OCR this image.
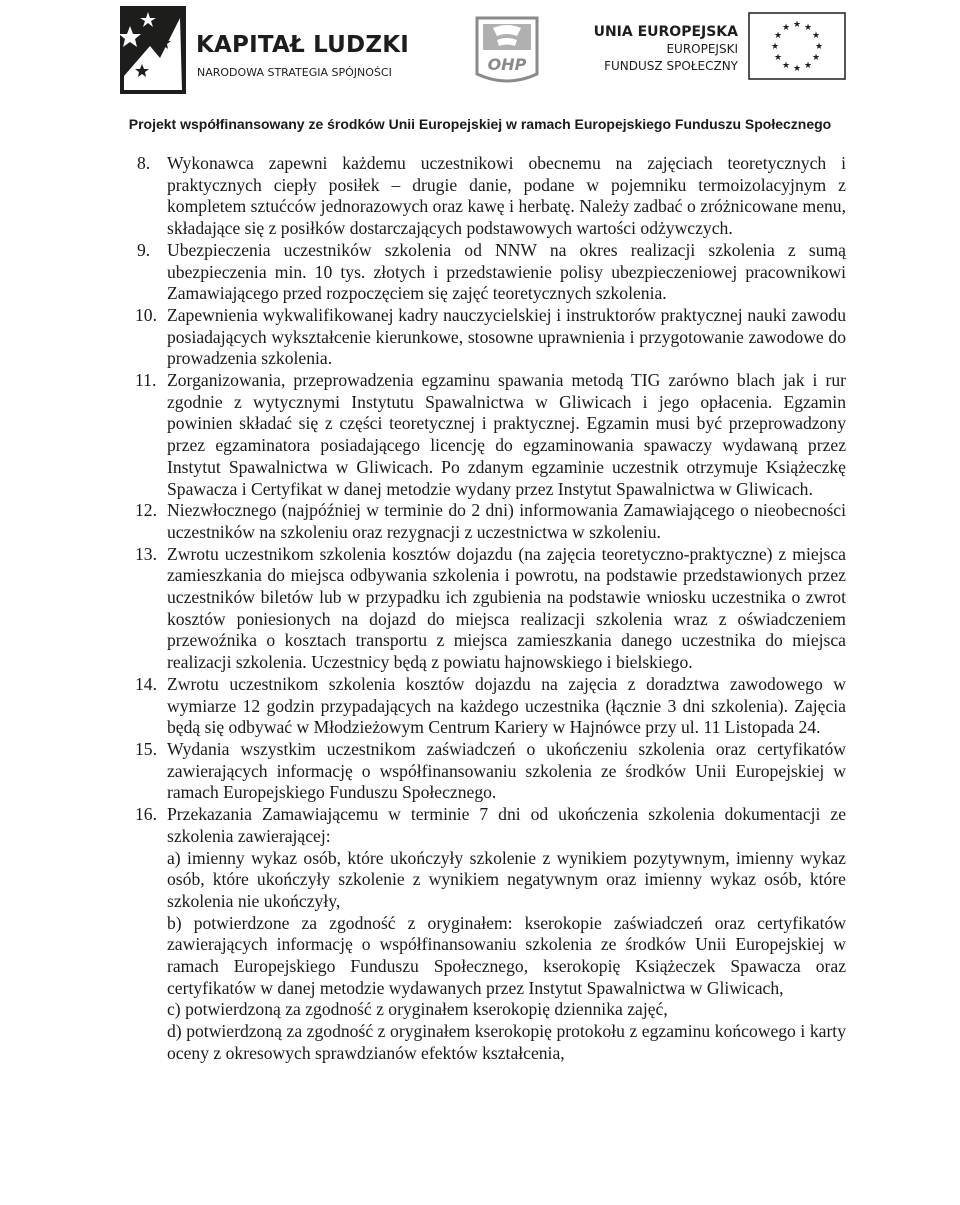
KAPITAŁ LUDZKI
NARODOWA STRATEGIA SPÓJNOŚCI	OHP
UNIA EUROPEJSKA
EUROPEJSKI
FUNDUSZ SPOŁECZNY
★ ★
★
★
★
★
★
★
★
★
★
★
Projekt współfinansowany ze środków Unii Europejskiej w ramach Europejskiego Funduszu Społecznego
8. Wykonawca zapewni każdemu uczestnikowi obecnemu na zajęciach teoretycznych i praktycznych ciepły posiłek – drugie danie, podane w pojemniku termoizolacyjnym z kompletem sztućców jednorazowych oraz kawę i herbatę. Należy zadbać o zróżnicowane menu, składające się z posiłków dostarczających podstawowych wartości odżywczych.

9. Ubezpieczenia uczestników szkolenia od NNW na okres realizacji szkolenia z sumą ubezpieczenia min. 10 tys. złotych i przedstawienie polisy ubezpieczeniowej pracownikowi Zamawiającego przed rozpoczęciem się zajęć teoretycznych szkolenia.

10. Zapewnienia wykwalifikowanej kadry nauczycielskiej i instruktorów praktycznej nauki zawodu posiadających wykształcenie kierunkowe, stosowne uprawnienia i przygotowanie zawodowe do prowadzenia szkolenia.

11. Zorganizowania, przeprowadzenia egzaminu spawania metodą TIG zarówno blach jak i rur zgodnie z wytycznymi Instytutu Spawalnictwa w Gliwicach i jego opłacenia. Egzamin powinien składać się z części teoretycznej i praktycznej. Egzamin musi być przeprowadzony przez egzaminatora posiadającego licencję do egzaminowania spawaczy wydawaną przez Instytut Spawalnictwa w Gliwicach. Po zdanym egzaminie uczestnik otrzymuje Książeczkę Spawacza i Certyfikat w danej metodzie wydany przez Instytut Spawalnictwa w Gliwicach.

12. Niezwłocznego (najpóźniej w terminie do 2 dni) informowania Zamawiającego o nieobecności uczestników na szkoleniu oraz rezygnacji z uczestnictwa w szkoleniu.

13. Zwrotu uczestnikom szkolenia kosztów dojazdu (na zajęcia teoretyczno-praktyczne) z miejsca zamieszkania do miejsca odbywania szkolenia i powrotu, na podstawie przedstawionych przez uczestników biletów lub w przypadku ich zgubienia na podstawie wniosku uczestnika o zwrot kosztów poniesionych na dojazd do miejsca realizacji szkolenia wraz z oświadczeniem przewoźnika o kosztach transportu z miejsca zamieszkania danego uczestnika do miejsca realizacji szkolenia. Uczestnicy będą z powiatu hajnowskiego i bielskiego.

14. Zwrotu uczestnikom szkolenia kosztów dojazdu na zajęcia z doradztwa zawodowego w wymiarze 12 godzin przypadających na każdego uczestnika (łącznie 3 dni szkolenia). Zajęcia będą się odbywać w Młodzieżowym Centrum Kariery w Hajnówce przy ul. 11 Listopada 24.

15. Wydania wszystkim uczestnikom zaświadczeń o ukończeniu szkolenia oraz certyfikatów zawierających informację o współfinansowaniu szkolenia ze środków Unii Europejskiej w ramach Europejskiego Funduszu Społecznego.

16. Przekazania Zamawiającemu w terminie 7 dni od ukończenia szkolenia dokumentacji ze szkolenia zawierającej:

a) imienny wykaz osób, które ukończyły szkolenie z wynikiem pozytywnym, imienny wykaz osób, które ukończyły szkolenie z wynikiem negatywnym oraz imienny wykaz osób, które szkolenia nie ukończyły,

b) potwierdzone za zgodność z oryginałem: kserokopie zaświadczeń oraz certyfikatów zawierających informację o współfinansowaniu szkolenia ze środków Unii Europejskiej w ramach Europejskiego Funduszu Społecznego, kserokopię Książeczek Spawacza oraz certyfikatów w danej metodzie wydawanych przez Instytut Spawalnictwa w Gliwicach,

c) potwierdzoną za zgodność z oryginałem kserokopię dziennika zajęć,

d) potwierdzoną za zgodność z oryginałem kserokopię protokołu z egzaminu końcowego i karty oceny z okresowych sprawdzianów efektów kształcenia,
